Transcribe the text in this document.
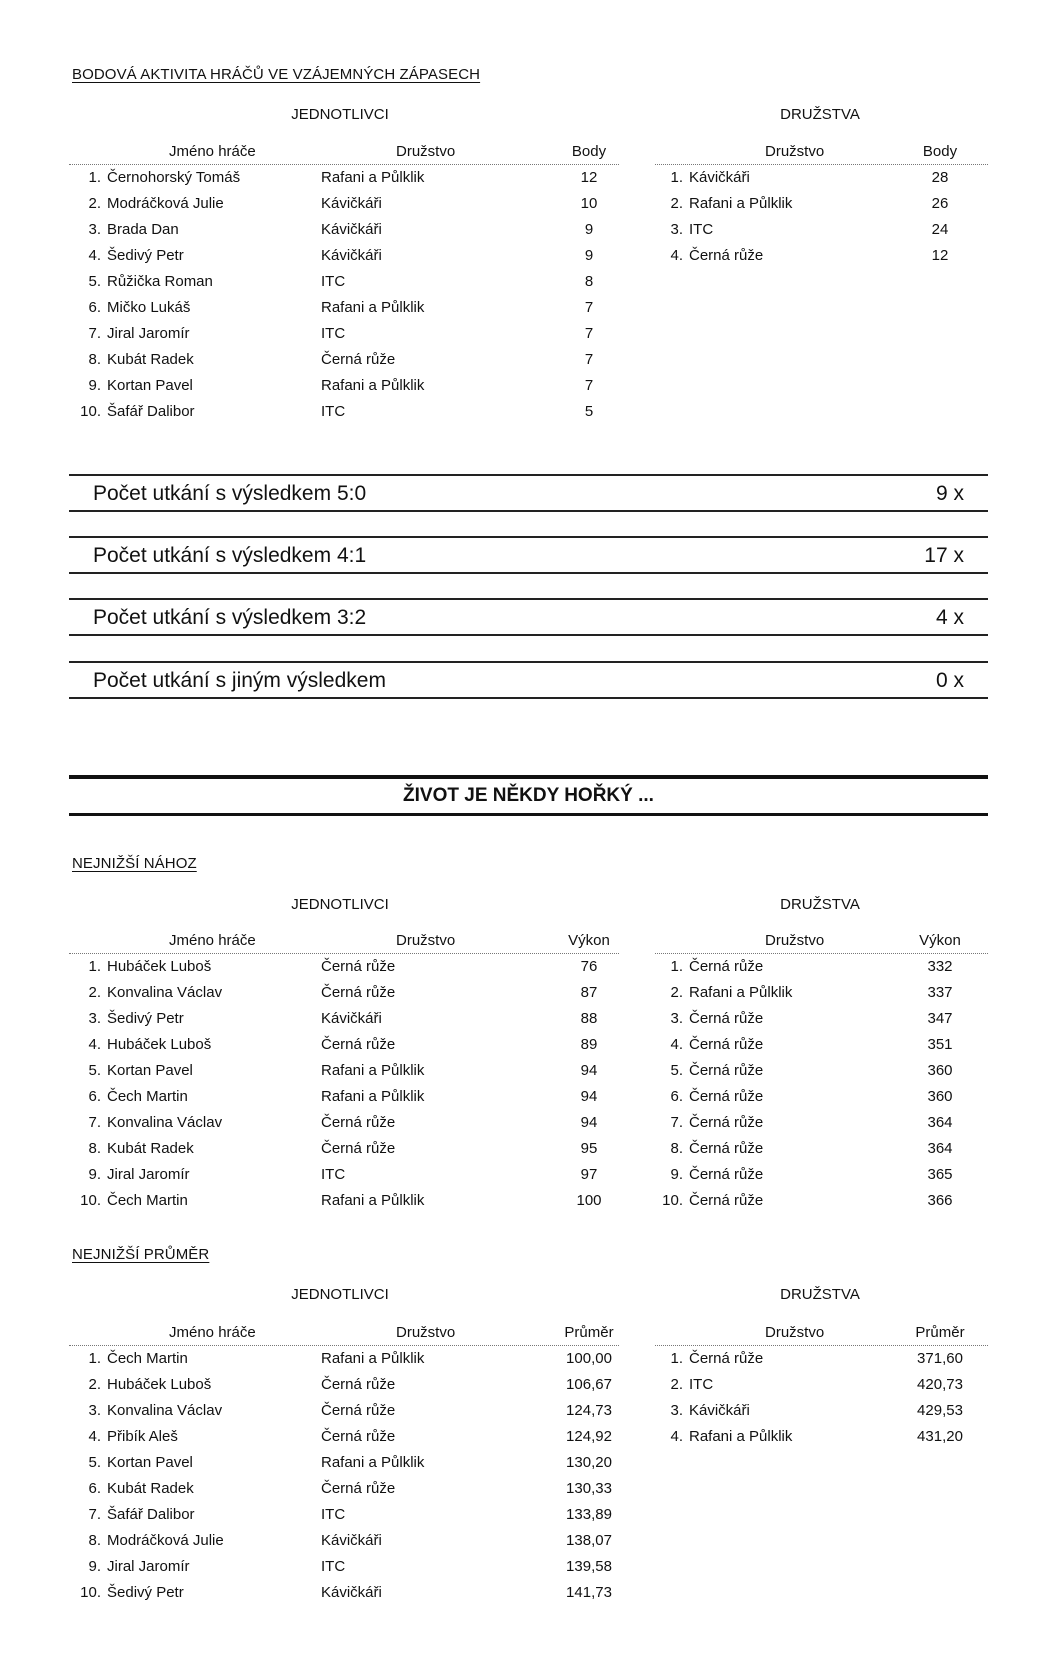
BODOVÁ AKTIVITA HRÁČŮ VE VZÁJEMNÝCH ZÁPASECH
JEDNOTLIVCI	DRUŽSTVA
Jméno hráče	Družstvo	Body
1. Černohorský Tomáš	Rafani a Půlklik	12
2. Modráčková Julie	Kávičkáři	10
3. Brada Dan	Kávičkáři	9
4. Šedivý Petr	Kávičkáři	9
5. Růžička Roman	ITC	8
6. Mičko Lukáš	Rafani a Půlklik	7
7. Jiral Jaromír	ITC	7
8. Kubát Radek	Černá růže	7
9. Kortan Pavel	Rafani a Půlklik	7
10. Šafář Dalibor	ITC	5
Družstvo	Body
1. Kávičkáři	28
2. Rafani a Půlklik	26
3. ITC	24
4. Černá růže	12
Počet utkání s výsledkem 5:0	9 x
Počet utkání s výsledkem 4:1	17 x
Počet utkání s výsledkem 3:2	4 x
Počet utkání s jiným výsledkem	0 x
ŽIVOT JE NĚKDY HOŘKÝ ...
NEJNIŽŠÍ NÁHOZ
JEDNOTLIVCI	DRUŽSTVA
Jméno hráče	Družstvo	Výkon
1. Hubáček Luboš	Černá růže	76
2. Konvalina Václav	Černá růže	87
3. Šedivý Petr	Kávičkáři	88
4. Hubáček Luboš	Černá růže	89
5. Kortan Pavel	Rafani a Půlklik	94
6. Čech Martin	Rafani a Půlklik	94
7. Konvalina Václav	Černá růže	94
8. Kubát Radek	Černá růže	95
9. Jiral Jaromír	ITC	97
10. Čech Martin	Rafani a Půlklik	100
Družstvo	Výkon
1. Černá růže	332
2. Rafani a Půlklik	337
3. Černá růže	347
4. Černá růže	351
5. Černá růže	360
6. Černá růže	360
7. Černá růže	364
8. Černá růže	364
9. Černá růže	365
10. Černá růže	366
NEJNIŽŠÍ PRŮMĚR
JEDNOTLIVCI	DRUŽSTVA
Jméno hráče	Družstvo	Průměr
1. Čech Martin	Rafani a Půlklik	100,00
2. Hubáček Luboš	Černá růže	106,67
3. Konvalina Václav	Černá růže	124,73
4. Přibík Aleš	Černá růže	124,92
5. Kortan Pavel	Rafani a Půlklik	130,20
6. Kubát Radek	Černá růže	130,33
7. Šafář Dalibor	ITC	133,89
8. Modráčková Julie	Kávičkáři	138,07
9. Jiral Jaromír	ITC	139,58
10. Šedivý Petr	Kávičkáři	141,73
Družstvo	Průměr
1. Černá růže	371,60
2. ITC	420,73
3. Kávičkáři	429,53
4. Rafani a Půlklik	431,20
